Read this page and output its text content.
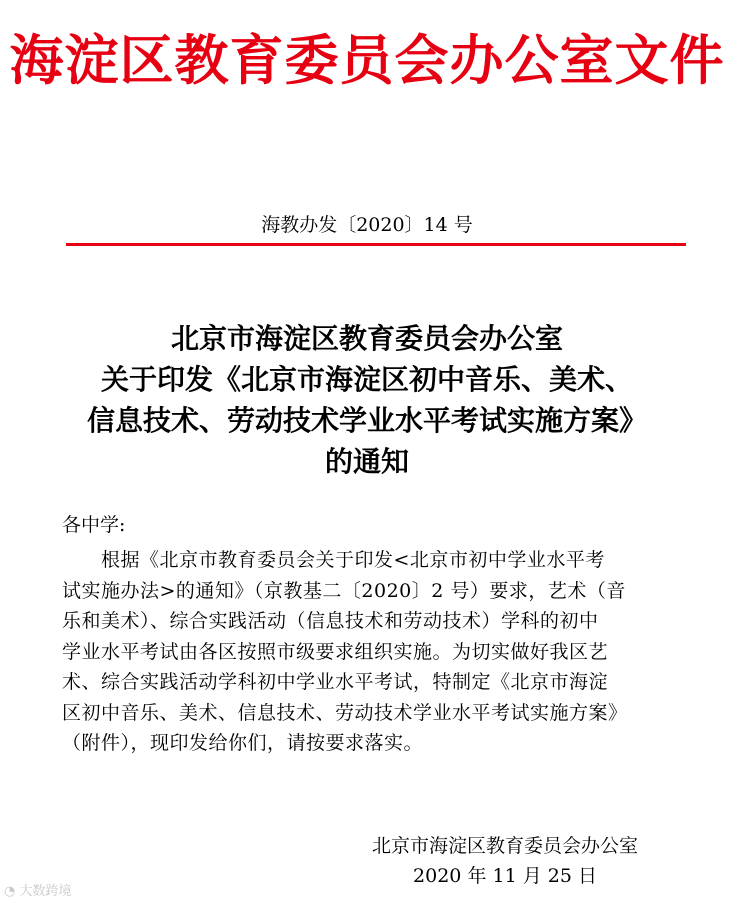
海淀区教育委员会办公室文件
海教办发〔2020〕14 号
北京市海淀区教育委员会办公室
关于印发《北京市海淀区初中音乐、美术、
信息技术、劳动技术学业水平考试实施方案》
的通知
各中学:
　　根据《北京市教育委员会关于印发<北京市初中学业水平考
试实施办法>的通知》（京教基二〔2020〕2 号）要求，艺术（音
乐和美术）、综合实践活动（信息技术和劳动技术）学科的初中
学业水平考试由各区按照市级要求组织实施。为切实做好我区艺
术、综合实践活动学科初中学业水平考试，特制定《北京市海淀
区初中音乐、美术、信息技术、劳动技术学业水平考试实施方案》
（附件），现印发给你们，请按要求落实。
北京市海淀区教育委员会办公室
2020 年 11 月 25 日
◔ 大数跨境
